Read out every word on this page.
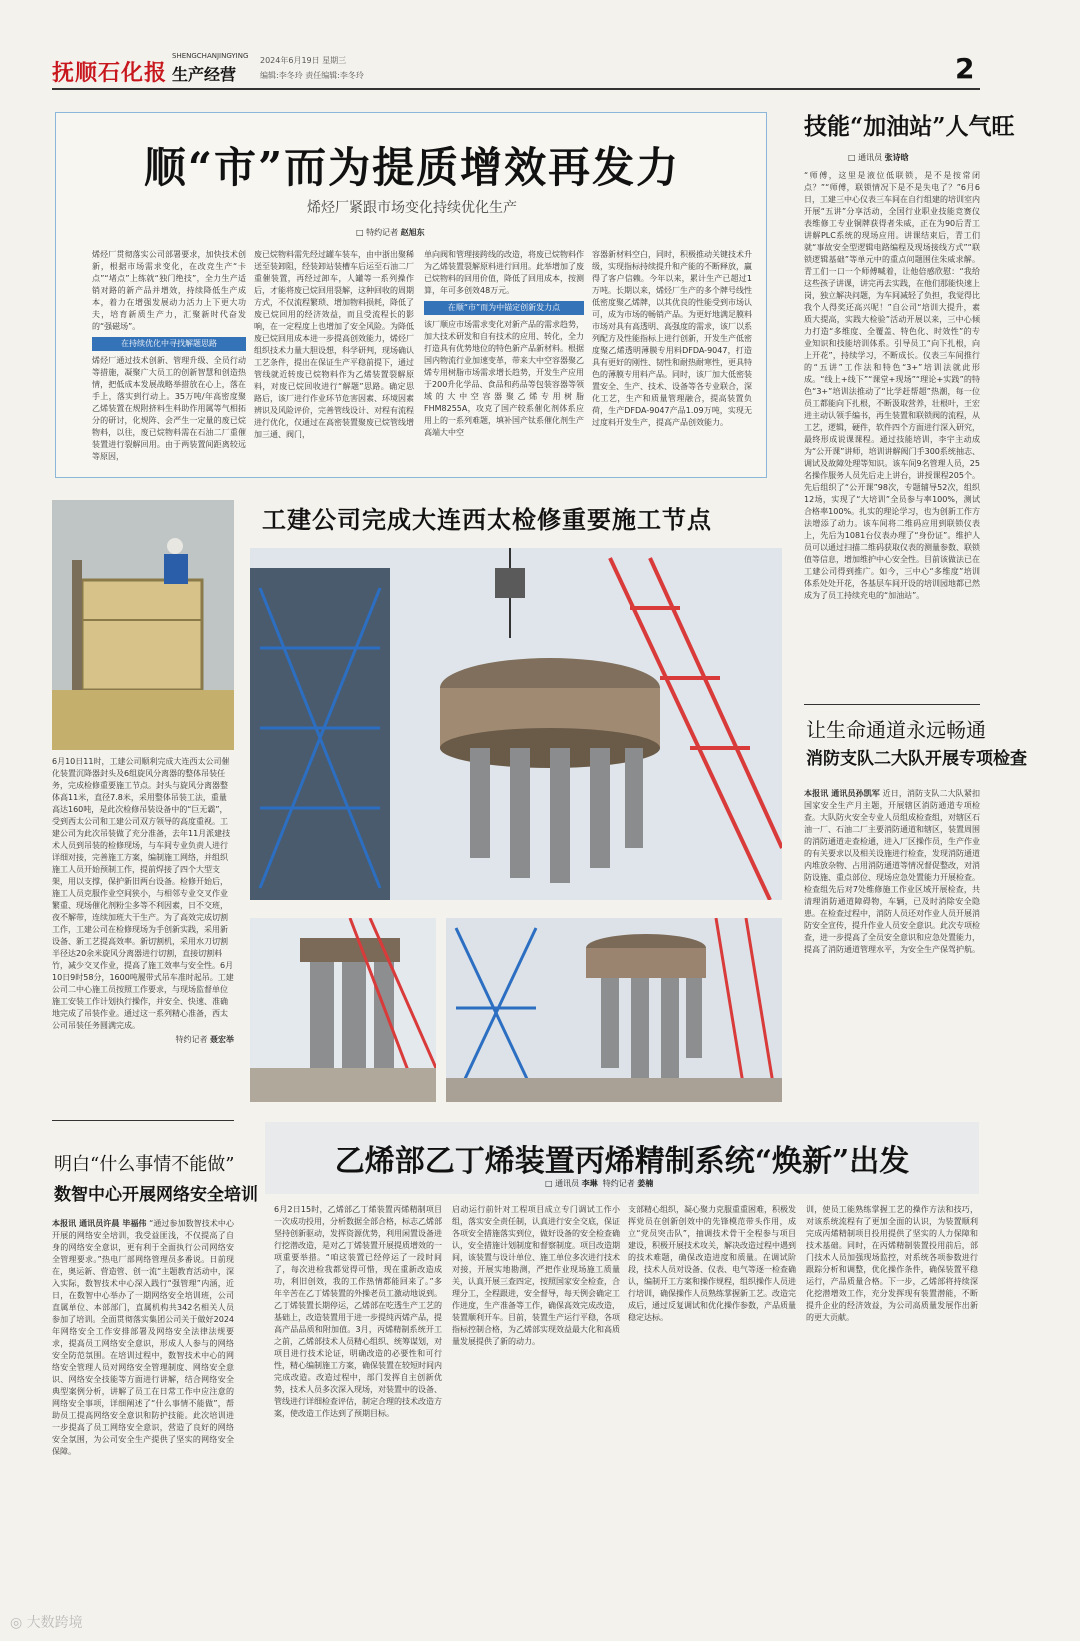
抚顺石化报
SHENGCHANJINGYING
生产经营
2024年6月19日 星期三
编辑:李冬玲 责任编辑:李冬玲	2
顺“市”而为提质增效再发力
烯烃厂紧跟市场变化持续优化生产
□ 特约记者 赵旭东
烯烃厂贯彻落实公司部署要求，加快技术创新，根据市场需求变化，在改竞生产“卡点”“堵点”上练就“独门绝技”，全力生产适销对路的新产品并增效，持续降低生产成本，着力在增强发展动力活力上下更大功夫，培育新质生产力，汇聚新时代奋发的“强磁场”。
在持续优化中寻找解题思路
烯烃厂通过技术创新、管理升级、全员行动等措施，凝聚广大员工的创新智慧和创造热情，把低成本发展战略举措放在心上，落在手上，落实到行动上。35万吨/年高密度聚乙烯装置在规附挤料生料助作用属等气相拓分的研讨，化规阵、会严生一定量的废已烷物料，以往，废已烷物料需在石油二厂重催装置进行裂解回用。由于两装置间距离较远等原因，
废已烷物料需先经过罐车装车，由中浙出聚稀送至装卸阻，经装卸站装槽车后运至石油二厂重催装置，再经过卸车，人罐等一系列操作后，才能将废已烷回用裂解，这种回收的周期方式，不仅流程繁琐、增加物料损耗，降低了废已烷回用的经济效益，而且受流程长的影响，在一定程度上也增加了安全风险。为降低废已烷回用成本进一步提高创效能力，烯烃厂组织技术力量大胆设想，科学研判，现场确认工艺条件，提出在保证生产平稳前提下，通过管线就近转废已烷物料作为乙烯装置裂解原料，对废已烷回收进行“解题”思路。确定思路后，该厂进行作业环节危害因素、环境因素辨识及风险评价，完善管线设计、对程有流程进行优化，仅通过在高密装置聚废已烷管线增加三通、阀门，
单向阀和管理接跨线的改造，将废已烷物料作为乙烯装置裂解原料进行回用。此举增加了废已烷物料的回用价值，降低了回用成本，按测算，年可多创效48万元。
在顺“市”而为中锚定创新发力点
该厂顺应市场需求变化对新产品的需求趋势，加大技术研发和自有技术的应用、转化，全力打造具有优势地位的特色新产品新材料。根据国内物流行业加速变革，带来大中空容器聚乙烯专用树脂市场需求增长趋势，开发生产应用于200升化学品、食品和药品等包装容器等领域的大中空容器聚乙烯专用树脂FHM8255A，攻克了国产较系催化剂体系应用上的一系列难题，填补国产钛系催化剂生产高端大中空
容器新材料空白，同时，积极推动关键技术升级，实现指标持续提升和产能的不断释放，赢得了客户信赖。今年以来，累计生产已超过1万吨。长期以来，烯烃厂生产的多个牌号线性低密度聚乙烯牌，以其优良的性能受到市场认可，成为市场的畅销产品。为更好地满足膜料市场对具有高透明、高强度的需求，该厂以系列配方及性能指标上进行创新，开发生产低密度聚乙烯透明薄膜专用料DFDA-9047，打造具有更好的刚性、韧性和耐热耐寒性，更具特色的薄膜专用料产品。同时，该厂加大低密装置安全、生产、技术、设备等各专业联合，深化工艺，生产和质量管理融合，提高装置负荷，生产DFDA-9047产品1.09万吨，实现无过度料开发生产，提高产品创效能力。
技能“加油站”人气旺
□ 通讯员 张诗晗
“师傅，这里是液位低联锁，是不是按常闭点？”“师傅，联锁情况下是不是失电了？”6月6日，工建三中心仪表三车间在自行组建的培训室内开展“五讲”分享活动，全国行业职业技能竞赛仪表维修工专业铜牌获得者朱威，正在为90后青工讲解PLC系统的现场应用。讲课结束后，青工们就“事故安全型逻辑电路编程及现场接线方式”“联锁逻辑基础”等单元中的重点问题围住朱威求解。青工们一口一个师傅喊着，让他倍感欣慰：“我给这些孩子讲课，讲完再去实践，在他们那能快速上岗，独立解决问题，为车间减轻了负担，我觉得比我个人得奖还高兴呢！”自公司“培训大提升，素质大提高，实践大检验”活动开展以来，三中心倾力打造“多维度、全覆盖、特色化、时效性”的专业知识和技能培训体系。引导员工“向下扎根，向上开花”，持续学习，不断成长。仪表三车间推行的“五讲”工作法和特色“3+”培训法就此形成。“线上+线下”“课堂+现场”“理论+实践”的特色“3+”培训法推动了“比学赶帮超”热潮，每一位员工都能向下扎根，不断汲取营养，壮根叶，王宏进主动认领手编书，再生装置和联锁阀的流程，从工艺，逻辑，硬件，软件四个方面进行深入研究，最终形成说课课程。通过技能培训，李宇主动成为“公开课”讲师，培训讲解阀门手300系统抽志、调试及故障处理等知识。该车间9名管理人员，25名操作服务人员先后走上讲台，讲授课程205个。先后组织了“公开课”98次，专题辅导52次，组织12场，实现了“大培训”全员参与率100%，测试合格率100%。扎实的理论学习，也为创新工作方法增添了动力。该车间将二维码应用到联锁仪表上，先后为1081台仪表办理了“身份证”。维护人员可以通过扫描二维码获取仪表的测量参数、联锁值等信息，增加维护中心安全性。目前该做法已在工建公司得到推广。如今，三中心“多维度”培训体系处处开花，各基层车间开设的培训园地都已然成为了员工持续充电的“加油站”。
让生命通道永远畅通
消防支队二大队开展专项检查
本报讯 通讯员孙凯军 近日，消防支队二大队紧扣国家安全生产月主题，开展辖区消防通道专项检查。大队防火安全专业人员组成检查组，对辖区石油一厂、石油二厂主要消防通道和辖区，装置周围的消防通道走查检通，进入厂区操作员，生产作业的有关要求以及相关设施进行检查，发现消防通道内堆放杂物、占用消防通道等情况督促整改，对消防设施、重点部位、现场应急处置能力开展检查。检查组先后对7处维修施工作业区域开展检查，共清理消防通道障碍物，车辆，已及时消除安全隐患。在检查过程中，消防人员还对作业人员开展消防安全宣传，提升作业人员安全意识。此次专项检查，进一步提高了全员安全意识和应急处置能力，提高了消防通道管理水平，为安全生产保驾护航。
工建公司完成大连西太检修重要施工节点
6月10日11时，工建公司顺利完成大连西太公司催化装置沉降器封头及6组旋风分离器的整体吊装任务，完成检修重要施工节点。封头与旋风分离器整体高11米，直径7.8米，采用整体吊装工法，重量高达160吨，是此次检修吊装设备中的“巨无霸”，受到西太公司和工建公司双方领导的高度重视。工建公司为此次吊装做了充分准备，去年11月派建技术人员到吊装的检修现场，与车间专业负责人进行详细对接，完善施工方案，编制施工网络，并组织施工人员开始预制工作，提前焊接了四个大型支架，用以支撑，保护新旧两台设备。检修开始后，施工人员克服作业空间狭小，与相邻专业交叉作业繁重、现场催化剂粉尘多等不利因素，日不交班，夜不解带，连续加班大干生产。为了高效完成切割工作，工建公司在检修现场为手创新实践，采用新设备、新工艺提高效率。新切割机，采用水刀切割半径达20余米旋风分离器进行切割，直接切割料竹，减少交叉作业，提高了施工效率与安全性。6月10日9时58分，1600吨履带式吊车准时起吊。工建公司二中心施工员按照工作要求，与现场监督单位施工安装工作计划执行操作，并安全、快速、准确地完成了吊装作业。通过这一系列精心准备，西太公司吊装任务圆满完成。
特约记者 聂宏举
明白“什么事情不能做”
数智中心开展网络安全培训
本报讯 通讯员许晨 毕福伟 “通过参加数智技术中心开展的网络安全培训，我受益匪浅，不仅提高了自身的网络安全意识，更有利于全面执行公司网络安全管理要求。”热电厂部网络管理员多番说。日前现在，奥运新、营造管、创一流“主题教育活动中，深入实际，数智技术中心深入践行“强管理”内涵，近日，在数智中心举办了一期网络安全培训班，公司直属单位、本部部门，直属机构共342名相关人员参加了培训。全面贯彻落实集团公司关于做好2024年网络安全工作安排部署及网络安全法律法规要求，提高员工网络安全意识，形成人人参与的网络安全防范氛围。在培训过程中，数智技术中心的网络安全管理人员对网络安全管理制度、网络安全意识、网络安全技能等方面进行讲解，结合网络安全典型案例分析，讲解了员工在日常工作中应注意的网络安全事项，详细阐述了“什么事情不能做”，帮助员工提高网络安全意识和防护技能。此次培训进一步提高了员工网络安全意识，营造了良好的网络安全氛围，为公司安全生产提供了坚实的网络安全保障。
乙烯部乙丁烯装置丙烯精制系统“焕新”出发
□ 通讯员 李琳 特约记者 姜楠
6月2日15时，乙烯部乙丁烯装置丙烯精制项目一次成功投用，分析数据全部合格，标志乙烯部坚持创新驱动，发挥资源优势，利用闲置设备进行挖潜改造，是对乙丁烯装置开展提质增效的一项重要举措。“咱这装置已经停运了一段时间了，每次进检我都觉得可惜，现在重新改造成功，利旧创效，我的工作热情都能回来了。”多年辛苦在乙丁烯装置的外操老员工激动地说到。乙丁烯装置长期停运，乙烯部在吃透生产工艺的基础上，改造装置用于进一步提纯丙烯产品，提高产品品质和附加值。3月，丙烯精制系统开工之前，乙烯部技术人员精心组织、统筹谋划，对项目进行技术论证，明确改造的必要性和可行性，精心编制施工方案，确保装置在较短时间内完成改造。改造过程中，部门发挥自主创新优势，技术人员多次深入现场，对装置中的设备、管线进行详细检查评估，制定合理的技术改造方案，使改造工作达到了预期目标。
启动运行前针对工程项目成立专门调试工作小组，落实安全责任制，认真进行安全交底，保证各项安全措施落实到位，做好设备的安全检查确认，安全措施计划制度和督察制度。项目改造期间，该装置与设计单位、施工单位多次进行技术对接，开展实地勘测，严把作业现场施工质量关，认真开展三查四定，按照国家安全检查，合理分工，全程跟进，安全督导，每天例会确定工作进度，生产准备等工作，确保高效完成改造，装置顺利开车。目前，装置生产运行平稳，各项指标控制合格，为乙烯部实现效益最大化和高质量发展提供了新的动力。
支部精心组织，凝心聚力克服重重困难，积极发挥党员在创新创效中的先锋模范带头作用，成立“党员突击队”，抽调技术骨干全程参与项目建设，积极开展技术攻关，解决改造过程中遇到的技术难题，确保改造进度和质量。在调试阶段，技术人员对设备、仪表、电气等逐一检查确认，编制开工方案和操作规程，组织操作人员进行培训，确保操作人员熟练掌握新工艺。改造完成后，通过反复调试和优化操作参数，产品质量稳定达标。
训，使员工能熟练掌握工艺的操作方法和技巧，对该系统流程有了更加全面的认识，为装置顺利完成丙烯精制项目投用提供了坚实的人力保障和技术基础。同时，在丙烯精制装置投用前后，部门技术人员加强现场监控，对系统各项参数进行跟踪分析和调整，优化操作条件，确保装置平稳运行，产品质量合格。下一步，乙烯部将持续深化挖潜增效工作，充分发挥现有装置潜能，不断提升企业的经济效益，为公司高质量发展作出新的更大贡献。
◎ 大数跨境
